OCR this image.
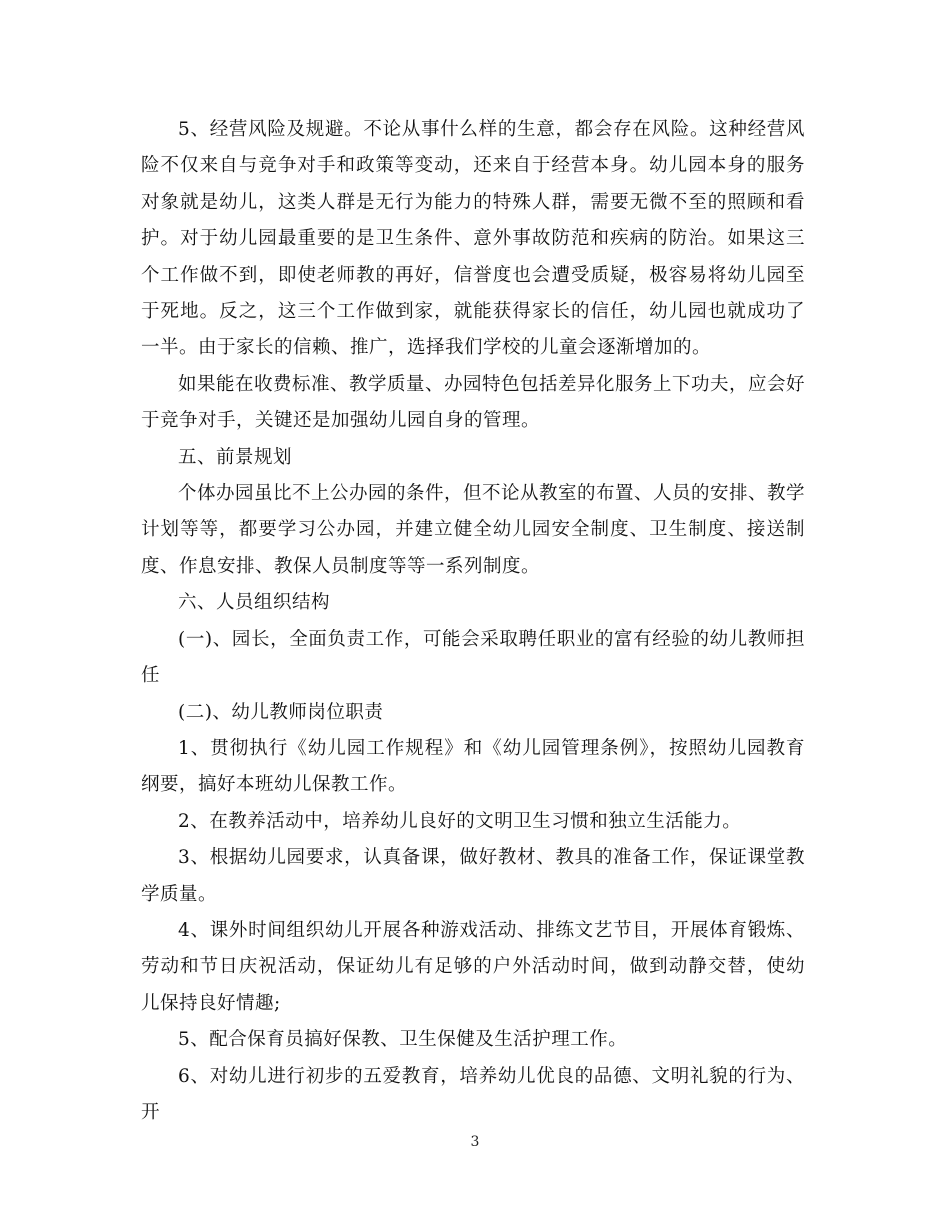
5、经营风险及规避。不论从事什么样的生意，都会存在风险。这种经营风险不仅来自与竞争对手和政策等变动，还来自于经营本身。幼儿园本身的服务对象就是幼儿，这类人群是无行为能力的特殊人群，需要无微不至的照顾和看护。对于幼儿园最重要的是卫生条件、意外事故防范和疾病的防治。如果这三个工作做不到，即使老师教的再好，信誉度也会遭受质疑，极容易将幼儿园至于死地。反之，这三个工作做到家，就能获得家长的信任，幼儿园也就成功了一半。由于家长的信赖、推广，选择我们学校的儿童会逐渐增加的。

如果能在收费标准、教学质量、办园特色包括差异化服务上下功夫，应会好于竞争对手，关键还是加强幼儿园自身的管理。

五、前景规划

个体办园虽比不上公办园的条件，但不论从教室的布置、人员的安排、教学计划等等，都要学习公办园，并建立健全幼儿园安全制度、卫生制度、接送制度、作息安排、教保人员制度等等一系列制度。

六、人员组织结构

(一)、园长，全面负责工作，可能会采取聘任职业的富有经验的幼儿教师担任

(二)、幼儿教师岗位职责

1、贯彻执行《幼儿园工作规程》和《幼儿园管理条例》，按照幼儿园教育纲要，搞好本班幼儿保教工作。

2、在教养活动中，培养幼儿良好的文明卫生习惯和独立生活能力。

3、根据幼儿园要求，认真备课，做好教材、教具的准备工作，保证课堂教学质量。

4、课外时间组织幼儿开展各种游戏活动、排练文艺节目，开展体育锻炼、劳动和节日庆祝活动，保证幼儿有足够的户外活动时间，做到动静交替，使幼儿保持良好情趣;

5、配合保育员搞好保教、卫生保健及生活护理工作。

6、对幼儿进行初步的五爱教育，培养幼儿优良的品德、文明礼貌的行为、开

3
